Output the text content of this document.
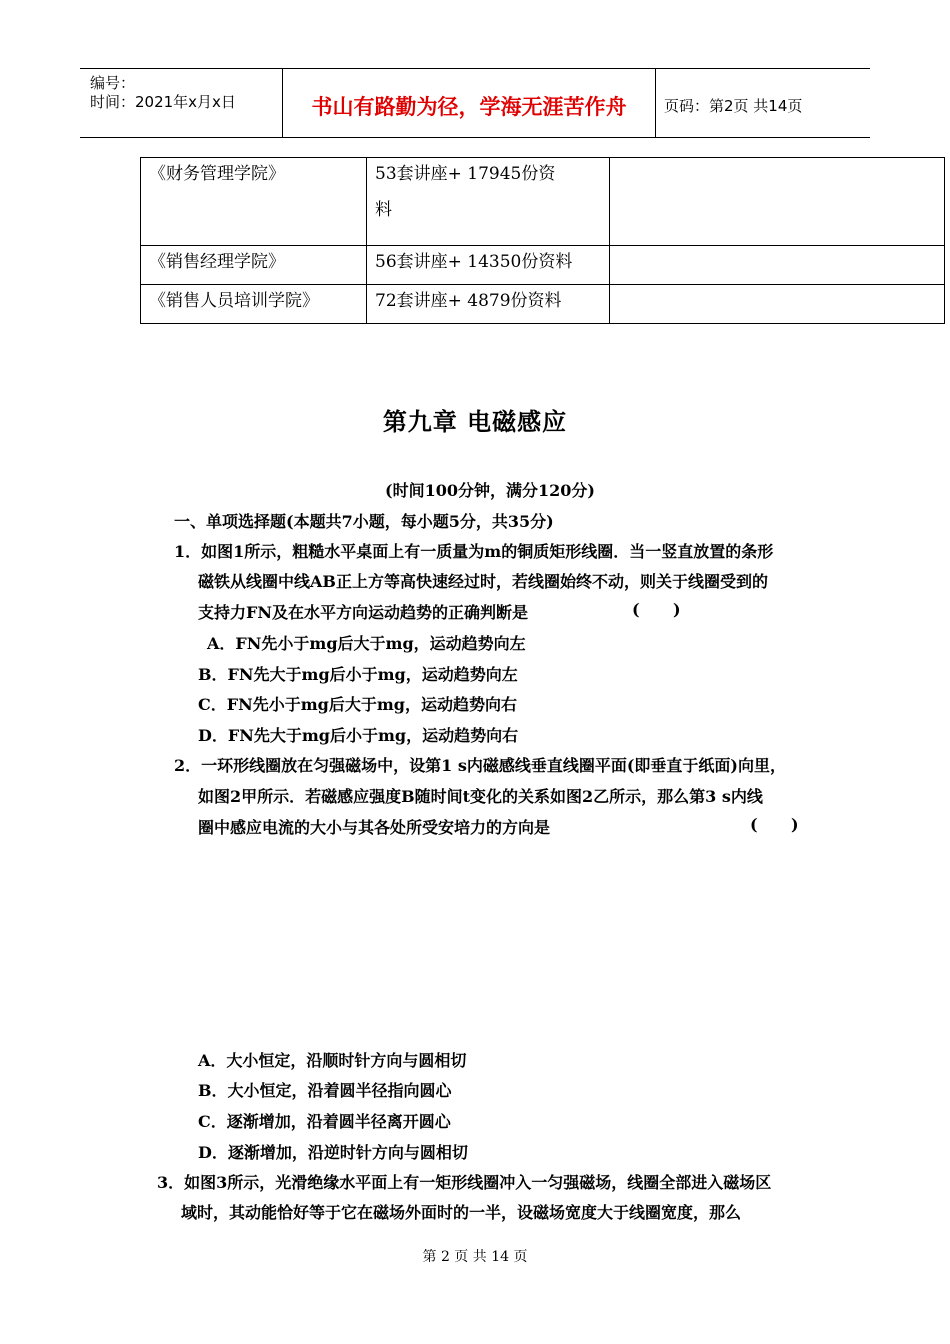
编号：
时间：2021年x月x日	书山有路勤为径，学海无涯苦作舟	页码：第2页 共14页
《财务管理学院》	53套讲座+ 17945份资
料	

《销售经理学院》	56套讲座+ 14350份资料	
《销售人员培训学院》	72套讲座+ 4879份资料	
第九章 电磁感应
(时间100分钟，满分120分)
一、单项选择题(本题共7小题，每小题5分，共35分)
1．如图1所示，粗糙水平桌面上有一质量为m的铜质矩形线圈．当一竖直放置的条形
磁铁从线圈中线AB正上方等高快速经过时，若线圈始终不动，则关于线圈受到的
支持力FN及在水平方向运动趋势的正确判断是	(      )
A．FN先小于mg后大于mg，运动趋势向左
B．FN先大于mg后小于mg，运动趋势向左
C．FN先小于mg后大于mg，运动趋势向右
D．FN先大于mg后小于mg，运动趋势向右
2．一环形线圈放在匀强磁场中，设第1 s内磁感线垂直线圈平面(即垂直于纸面)向里，
如图2甲所示．若磁感应强度B随时间t变化的关系如图2乙所示，那么第3 s内线
圈中感应电流的大小与其各处所受安培力的方向是	(      )
A．大小恒定，沿顺时针方向与圆相切
B．大小恒定，沿着圆半径指向圆心
C．逐渐增加，沿着圆半径离开圆心
D．逐渐增加，沿逆时针方向与圆相切
3．如图3所示，光滑绝缘水平面上有一矩形线圈冲入一匀强磁场，线圈全部进入磁场区
域时，其动能恰好等于它在磁场外面时的一半，设磁场宽度大于线圈宽度，那么
第 2 页 共 14 页
